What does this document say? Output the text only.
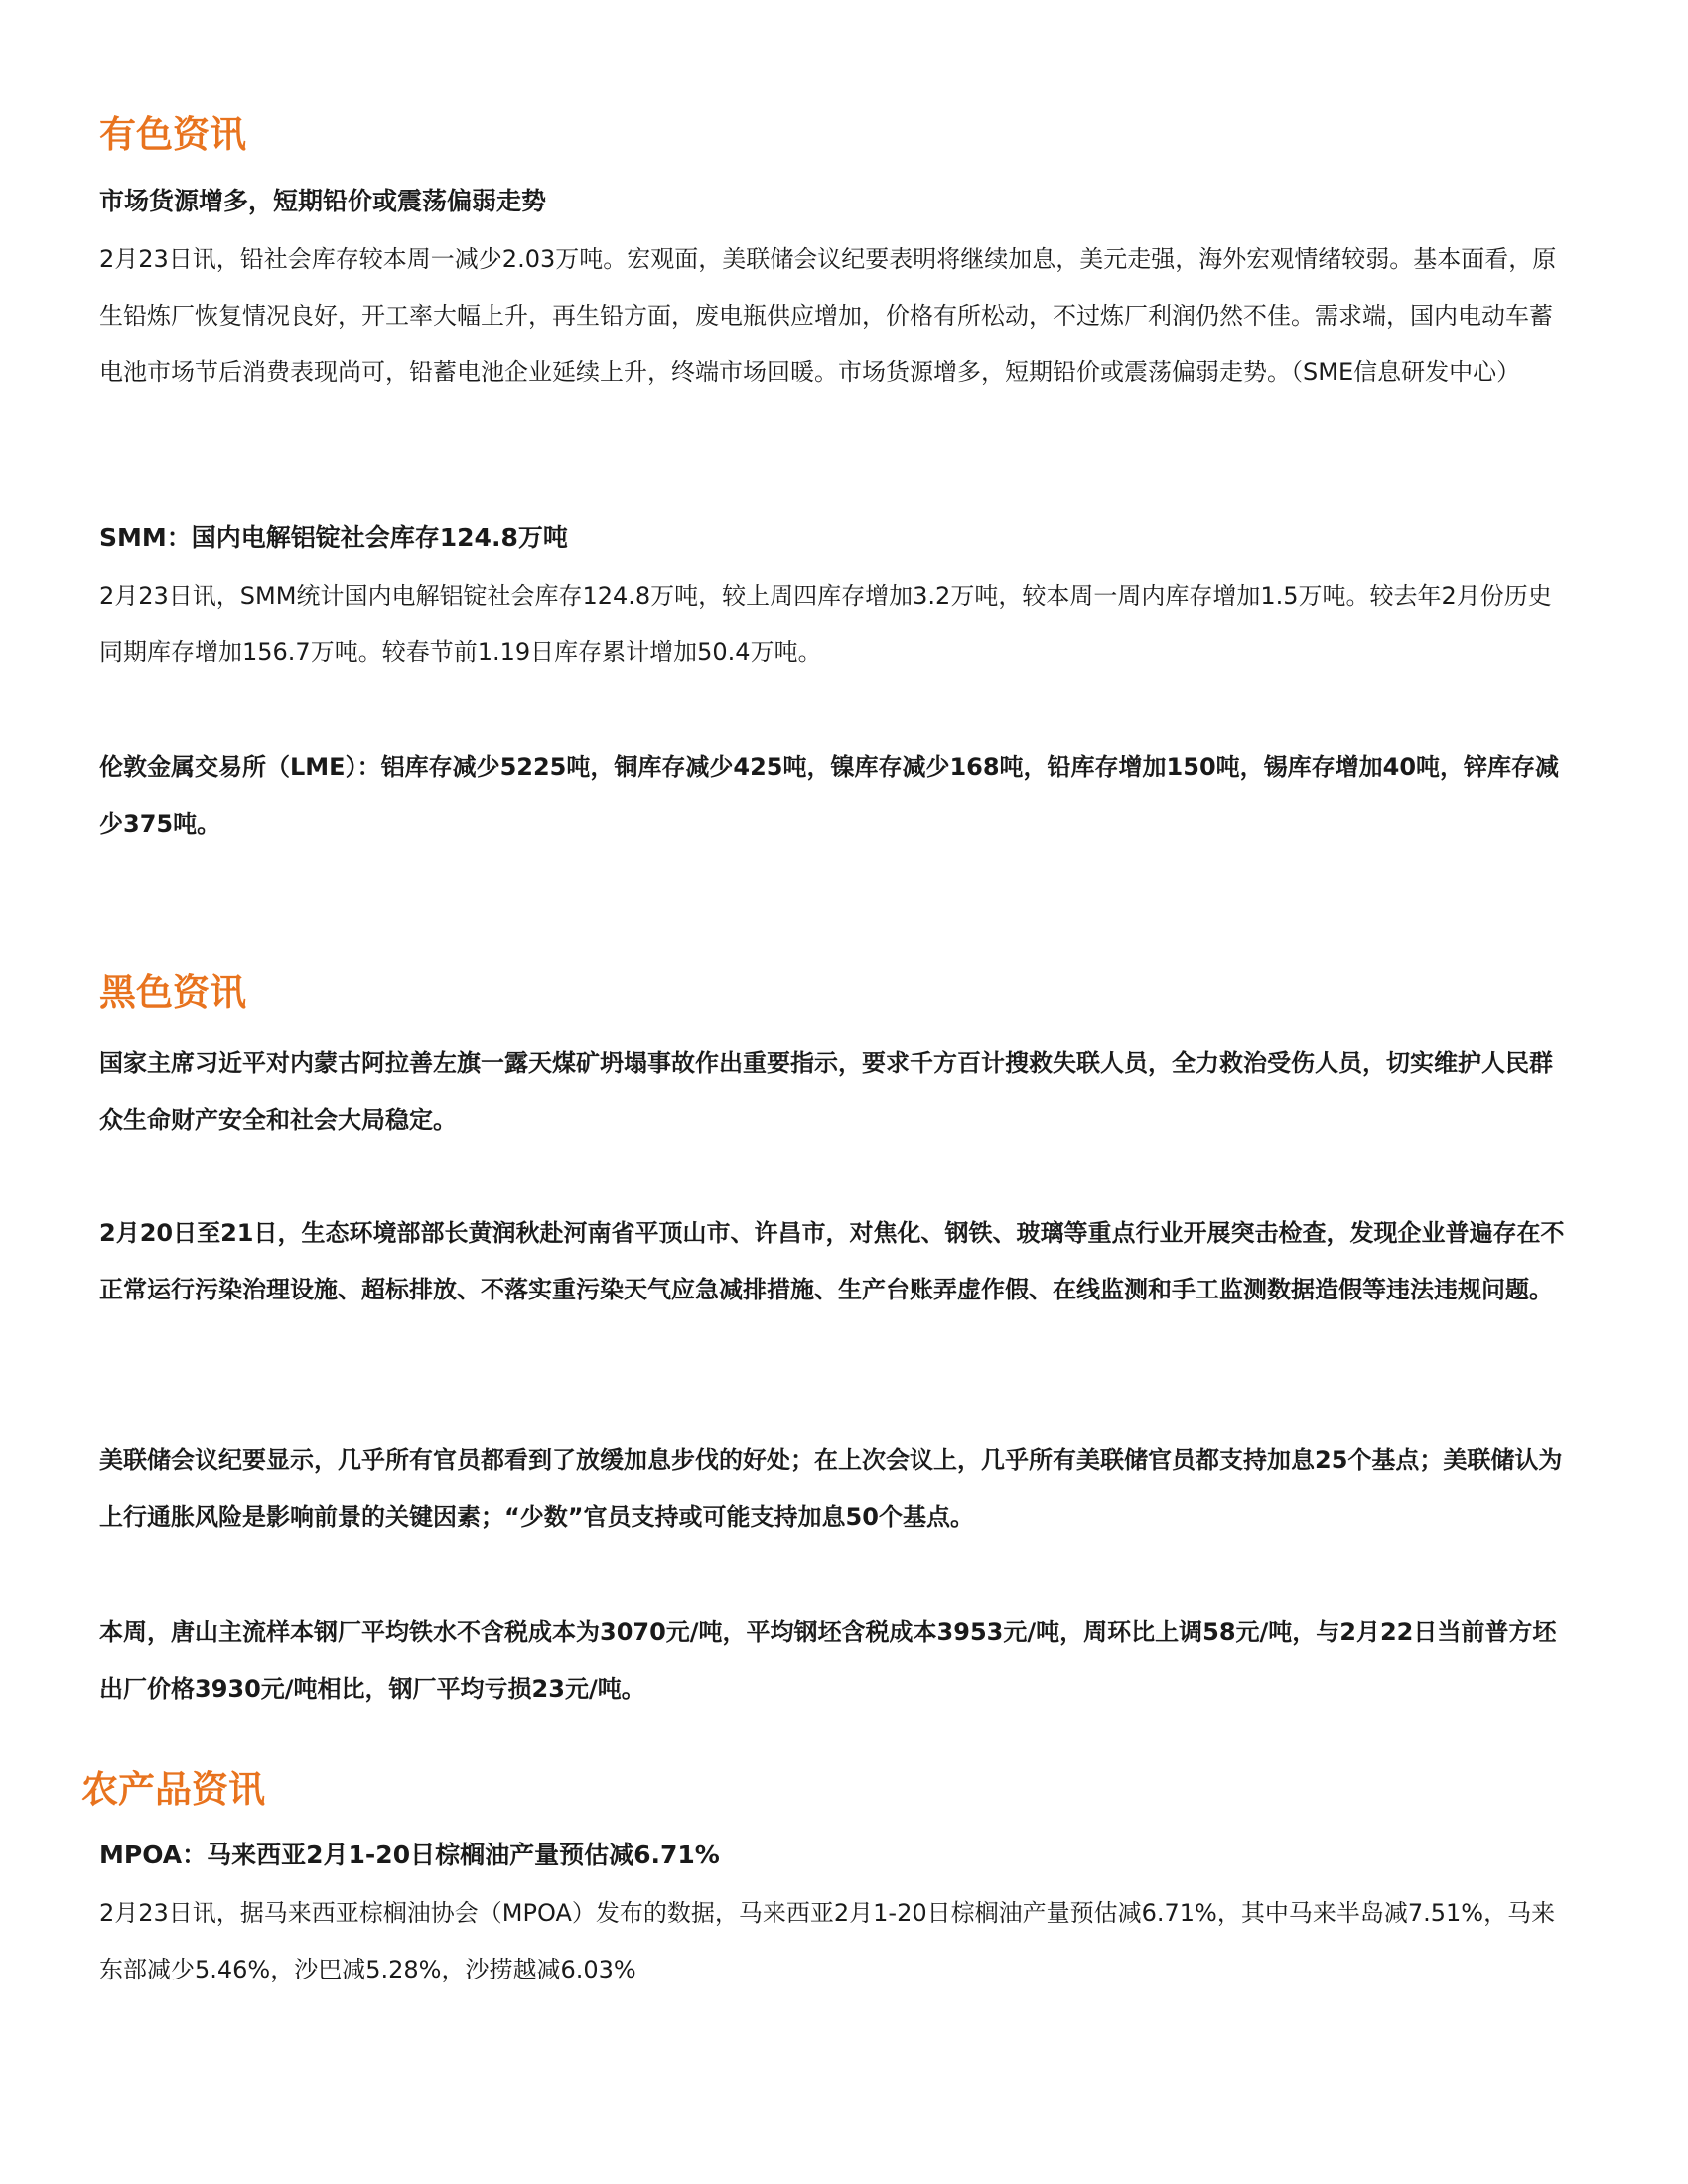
有色资讯
市场货源增多，短期铅价或震荡偏弱走势

2月23日讯，铅社会库存较本周一减少2.03万吨。宏观面，美联储会议纪要表明将继续加息，美元走强，海外宏观情绪较弱。基本面看，原生铅炼厂恢复情况良好，开工率大幅上升，再生铅方面，废电瓶供应增加，价格有所松动，不过炼厂利润仍然不佳。需求端，国内电动车蓄电池市场节后消费表现尚可，铅蓄电池企业延续上升，终端市场回暖。市场货源增多，短期铅价或震荡偏弱走势。（SME信息研发中心）

SMM：国内电解铝锭社会库存124.8万吨

2月23日讯，SMM统计国内电解铝锭社会库存124.8万吨，较上周四库存增加3.2万吨，较本周一周内库存增加1.5万吨。较去年2月份历史同期库存增加156.7万吨。较春节前1.19日库存累计增加50.4万吨。

伦敦金属交易所（LME）：铝库存减少5225吨，铜库存减少425吨，镍库存减少168吨，铅库存增加150吨，锡库存增加40吨，锌库存减少375吨。

黑色资讯

国家主席习近平对内蒙古阿拉善左旗一露天煤矿坍塌事故作出重要指示，要求千方百计搜救失联人员，全力救治受伤人员，切实维护人民群众生命财产安全和社会大局稳定。

2月20日至21日，生态环境部部长黄润秋赴河南省平顶山市、许昌市，对焦化、钢铁、玻璃等重点行业开展突击检查，发现企业普遍存在不正常运行污染治理设施、超标排放、不落实重污染天气应急减排措施、生产台账弄虚作假、在线监测和手工监测数据造假等违法违规问题。

美联储会议纪要显示，几乎所有官员都看到了放缓加息步伐的好处；在上次会议上，几乎所有美联储官员都支持加息25个基点；美联储认为上行通胀风险是影响前景的关键因素；“少数”官员支持或可能支持加息50个基点。

本周，唐山主流样本钢厂平均铁水不含税成本为3070元/吨，平均钢坯含税成本3953元/吨，周环比上调58元/吨，与2月22日当前普方坯出厂价格3930元/吨相比，钢厂平均亏损23元/吨。

农产品资讯
MPOA：马来西亚2月1-20日棕榈油产量预估减6.71%

2月23日讯，据马来西亚棕榈油协会（MPOA）发布的数据，马来西亚2月1-20日棕榈油产量预估减6.71%，其中马来半岛减7.51%，马来东部减少5.46%，沙巴减5.28%，沙捞越减6.03%
